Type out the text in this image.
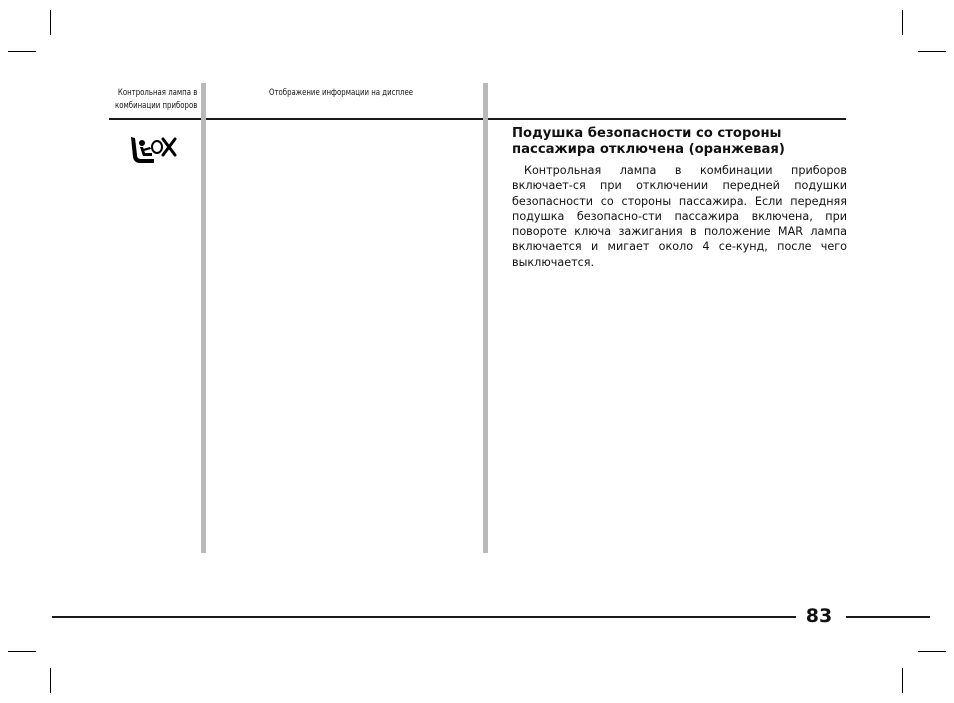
Контрольная лампа в
комбинации приборов
Отображение информации на дисплее
Подушка безопасности со стороны
пассажира отключена (оранжевая)

Контрольная лампа в комбинации приборов включает-ся при отключении передней подушки безопасности со стороны пассажира. Если передняя подушка безопасно-сти пассажира включена, при повороте ключа зажигания в положение MAR лампа включается и мигает около 4 се-кунд, после чего выключается.

83
